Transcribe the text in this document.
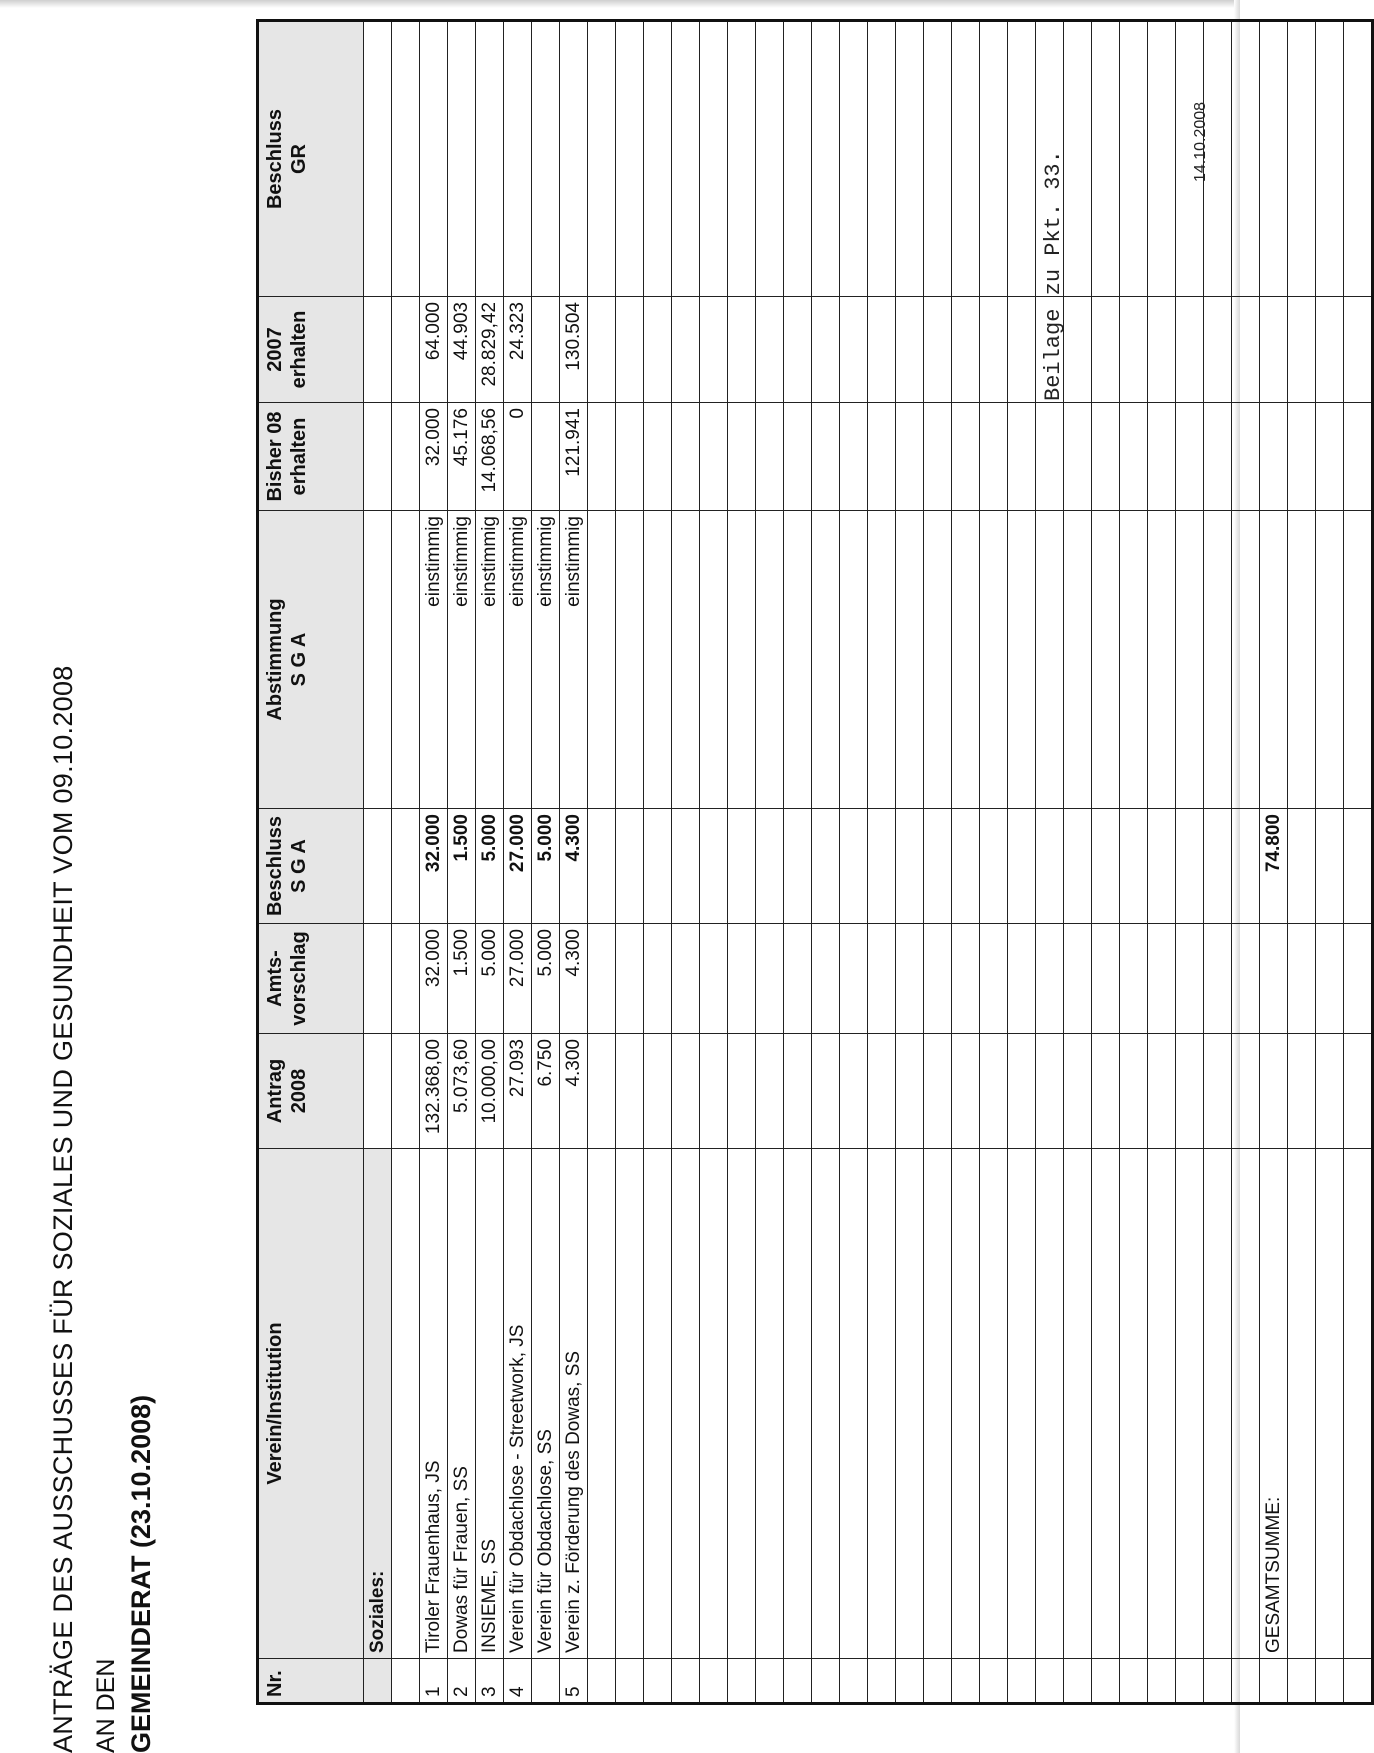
ANTRÄGE DES AUSSCHUSSES FÜR SOZIALES UND GESUNDHEIT VOM 09.10.2008 AN DEN GEMEINDERAT (23.10.2008)	Nr.	Verein/Institution	Antrag 2008	Amts- vorschlag	Beschluss S G A	Abstimmung S G A	Bisher 08 erhalten	2007 erhalten	Beschluss GR
	Soziales:							

1	Tiroler Frauenhaus, JS	132.368,00	32.000	32.000	einstimmig	32.000	64.000	
2	Dowas für Frauen, SS	5.073,60	1.500	1.500	einstimmig	45.176	44.903	
3	INSIEME, SS	10.000,00	5.000	5.000	einstimmig	14.068,56	28.829,42	
4	Verein für Obdachlose - Streetwork, JS	27.093	27.000	27.000	einstimmig	0	24.323	
	Verein für Obdachlose, SS	6.750	5.000	5.000	einstimmig			
5	Verein z. Förderung des Dowas, SS	4.300	4.300	4.300	einstimmig	121.941	130.504	

	GESAMTSUMME:			74.800				

Beilage zu Pkt. 33.
14.10.2008
